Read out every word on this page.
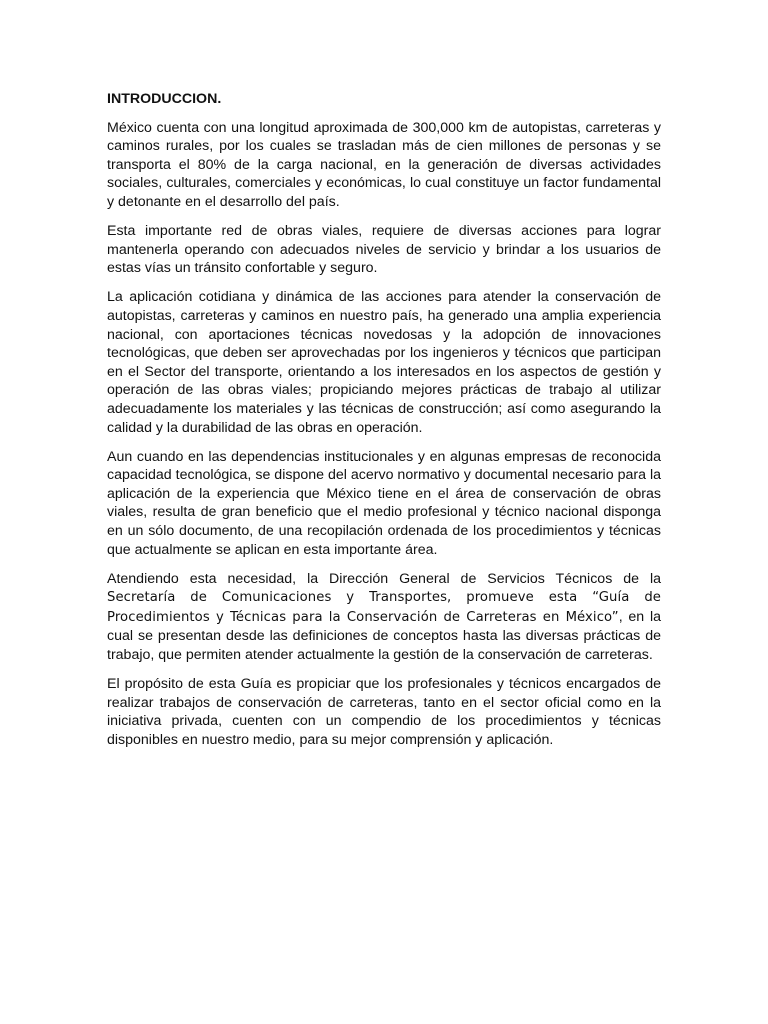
INTRODUCCION.

México cuenta con una longitud aproximada de 300,000 km de autopistas, carreteras y caminos rurales, por los cuales se trasladan más de cien millones de personas y se transporta el 80% de la carga nacional, en la generación de diversas actividades sociales, culturales, comerciales y económicas, lo cual constituye un factor fundamental y detonante en el desarrollo del país.

Esta importante red de obras viales, requiere de diversas acciones para lograr mantenerla operando con adecuados niveles de servicio y brindar a los usuarios de estas vías un tránsito confortable y seguro.

La aplicación cotidiana y dinámica de las acciones para atender la conservación de autopistas, carreteras y caminos en nuestro país, ha generado una amplia experiencia nacional, con aportaciones técnicas novedosas y la adopción de innovaciones tecnológicas, que deben ser aprovechadas por los ingenieros y técnicos que participan en el Sector del transporte, orientando a los interesados en los aspectos de gestión y operación de las obras viales; propiciando mejores prácticas de trabajo al utilizar adecuadamente los materiales y las técnicas de construcción; así como asegurando la calidad y la durabilidad de las obras en operación.

Aun cuando en las dependencias institucionales y en algunas empresas de reconocida capacidad tecnológica, se dispone del acervo normativo y documental necesario para la aplicación de la experiencia que México tiene en el área de conservación de obras viales, resulta de gran beneficio que el medio profesional y técnico nacional disponga en un sólo documento, de una recopilación ordenada de los procedimientos y técnicas que actualmente se aplican en esta importante área.

Atendiendo esta necesidad, la Dirección General de Servicios Técnicos de la Secretaría de Comunicaciones y Transportes, promueve esta “Guía de Procedimientos y Técnicas para la Conservación de Carreteras en México”, en la cual se presentan desde las definiciones de conceptos hasta las diversas prácticas de trabajo, que permiten atender actualmente la gestión de la conservación de carreteras.

El propósito de esta Guía es propiciar que los profesionales y técnicos encargados de realizar trabajos de conservación de carreteras, tanto en el sector oficial como en la iniciativa privada, cuenten con un compendio de los procedimientos y técnicas disponibles en nuestro medio, para su mejor comprensión y aplicación.
